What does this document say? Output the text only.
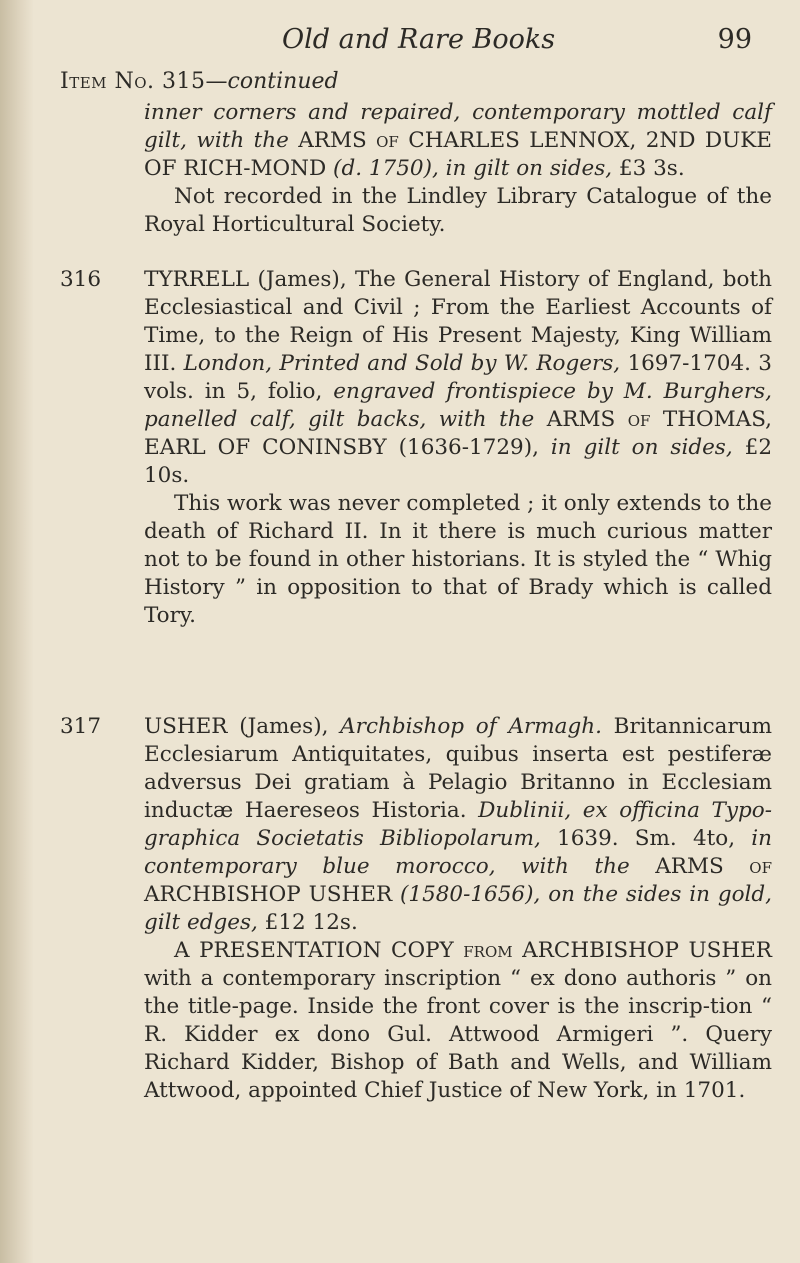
Old and Rare Books	99
Item No. 315—continued

inner corners and repaired, contemporary mottled calf gilt, with the ARMS of CHARLES LENNOX, 2ND DUKE OF RICH-MOND (d. 1750), in gilt on sides, £3 3s.

Not recorded in the Lindley Library Catalogue of the Royal Horticultural Society.

316	TYRRELL (James), The General History of England, both Ecclesiastical and Civil ; From the Earliest Accounts of Time, to the Reign of His Present Majesty, King William III. London, Printed and Sold by W. Rogers, 1697-1704. 3 vols. in 5, folio, engraved frontispiece by M. Burghers, panelled calf, gilt backs, with the ARMS of THOMAS, EARL OF CONINSBY (1636-1729), in gilt on sides, £2 10s.

This work was never completed ; it only extends to the death of Richard II. In it there is much curious matter not to be found in other historians. It is styled the “ Whig History ” in opposition to that of Brady which is called Tory.

317	USHER (James), Archbishop of Armagh. Britannicarum Ecclesiarum Antiquitates, quibus inserta est pestiferæ adversus Dei gratiam à Pelagio Britanno in Ecclesiam inductæ Haereseos Historia. Dublinii, ex officina Typo-graphica Societatis Bibliopolarum, 1639. Sm. 4to, in contemporary blue morocco, with the ARMS of ARCHBISHOP USHER (1580-1656), on the sides in gold, gilt edges, £12 12s.

A PRESENTATION COPY from ARCHBISHOP USHER with a contemporary inscription “ ex dono authoris ” on the title-page. Inside the front cover is the inscrip-tion “ R. Kidder ex dono Gul. Attwood Armigeri ”. Query Richard Kidder, Bishop of Bath and Wells, and William Attwood, appointed Chief Justice of New York, in 1701.
